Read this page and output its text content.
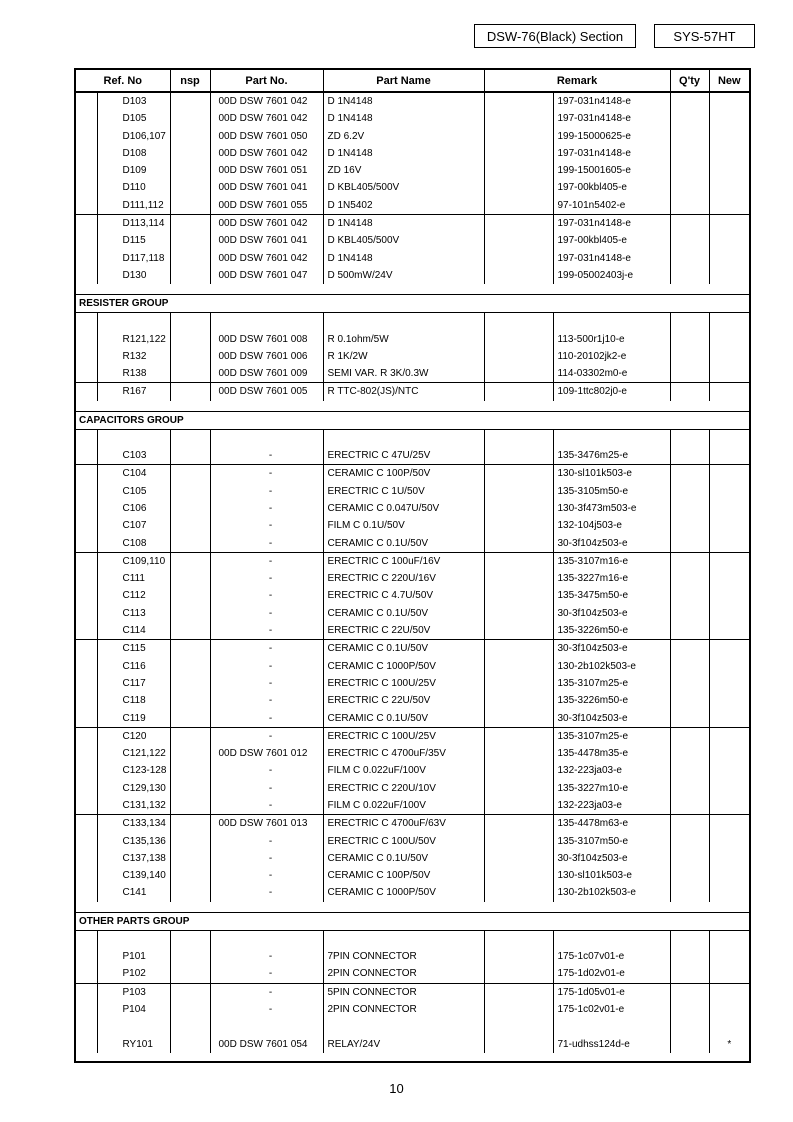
DSW-76(Black) Section	SYS-57HT
Ref. No		nsp	Part No.	Part Name	Remark		Q'ty	New
	D103		00D DSW 7601 042	D 1N4148		197-031n4148-e		
	D105		00D DSW 7601 042	D 1N4148		197-031n4148-e		
	D106,107		00D DSW 7601 050	ZD 6.2V		199-15000625-e		
	D108		00D DSW 7601 042	D 1N4148		197-031n4148-e		
	D109		00D DSW 7601 051	ZD 16V		199-15001605-e		
	D110		00D DSW 7601 041	D KBL405/500V		197-00kbl405-e		
	D111,112		00D DSW 7601 055	D 1N5402		97-101n5402-e		
	D113,114		00D DSW 7601 042	D 1N4148		197-031n4148-e		
	D115		00D DSW 7601 041	D KBL405/500V		197-00kbl405-e		
	D117,118		00D DSW 7601 042	D 1N4148		197-031n4148-e		
	D130		00D DSW 7601 047	D 500mW/24V		199-05002403j-e		

RESISTER GROUP								

	R121,122		00D DSW 7601 008	R 0.1ohm/5W		113-500r1j10-e		
	R132		00D DSW 7601 006	R 1K/2W		110-20102jk2-e		
	R138		00D DSW 7601 009	SEMI VAR. R 3K/0.3W		114-03302m0-e		
	R167		00D DSW 7601 005	R TTC-802(JS)/NTC		109-1ttc802j0-e		

CAPACITORS GROUP								

	C103		-	ERECTRIC C 47U/25V		135-3476m25-e		
	C104		-	CERAMIC C 100P/50V		130-sl101k503-e		
	C105		-	ERECTRIC C 1U/50V		135-3105m50-e		
	C106		-	CERAMIC C 0.047U/50V		130-3f473m503-e		
	C107		-	FILM C 0.1U/50V		132-104j503-e		
	C108		-	CERAMIC C 0.1U/50V		30-3f104z503-e		
	C109,110		-	ERECTRIC C 100uF/16V		135-3107m16-e		
	C111		-	ERECTRIC C 220U/16V		135-3227m16-e		
	C112		-	ERECTRIC C 4.7U/50V		135-3475m50-e		
	C113		-	CERAMIC C 0.1U/50V		30-3f104z503-e		
	C114		-	ERECTRIC C 22U/50V		135-3226m50-e		
	C115		-	CERAMIC C 0.1U/50V		30-3f104z503-e		
	C116		-	CERAMIC C 1000P/50V		130-2b102k503-e		
	C117		-	ERECTRIC C 100U/25V		135-3107m25-e		
	C118		-	ERECTRIC C 22U/50V		135-3226m50-e		
	C119		-	CERAMIC C 0.1U/50V		30-3f104z503-e		
	C120		-	ERECTRIC C 100U/25V		135-3107m25-e		
	C121,122		00D DSW 7601 012	ERECTRIC C 4700uF/35V		135-4478m35-e		
	C123-128		-	FILM C 0.022uF/100V		132-223ja03-e		
	C129,130		-	ERECTRIC C 220U/10V		135-3227m10-e		
	C131,132		-	FILM C 0.022uF/100V		132-223ja03-e		
	C133,134		00D DSW 7601 013	ERECTRIC C 4700uF/63V		135-4478m63-e		
	C135,136		-	ERECTRIC C 100U/50V		135-3107m50-e		
	C137,138		-	CERAMIC C 0.1U/50V		30-3f104z503-e		
	C139,140		-	CERAMIC C 100P/50V		130-sl101k503-e		
	C141		-	CERAMIC C 1000P/50V		130-2b102k503-e		

OTHER PARTS GROUP								

	P101		-	7PIN CONNECTOR		175-1c07v01-e		
	P102		-	2PIN CONNECTOR		175-1d02v01-e		
	P103		-	5PIN CONNECTOR		175-1d05v01-e		
	P104		-	2PIN CONNECTOR		175-1c02v01-e		

	RY101		00D DSW 7601 054	RELAY/24V		71-udhss124d-e		*
10
